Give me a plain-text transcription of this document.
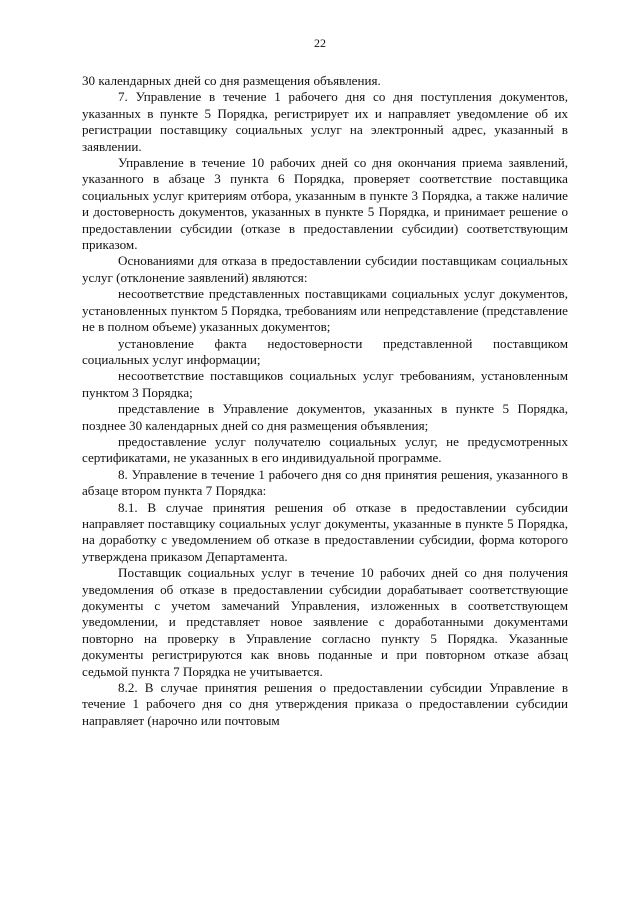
22

30 календарных дней со дня размещения объявления.

7. Управление в течение 1 рабочего дня со дня поступления документов, указанных в пункте 5 Порядка, регистрирует их и направляет уведомление об их регистрации поставщику социальных услуг на электронный адрес, указанный в заявлении.

Управление в течение 10 рабочих дней со дня окончания приема заявлений, указанного в абзаце 3 пункта 6 Порядка, проверяет соответствие поставщика социальных услуг критериям отбора, указанным в пункте 3 Порядка, а также наличие и достоверность документов, указанных в пункте 5 Порядка, и принимает решение о предоставлении субсидии (отказе в предоставлении субсидии) соответствующим приказом.

Основаниями для отказа в предоставлении субсидии поставщикам социальных услуг (отклонение заявлений) являются:

несоответствие представленных поставщиками социальных услуг документов, установленных пунктом 5 Порядка, требованиям или непредставление (представление не в полном объеме) указанных документов;

установление факта недостоверности представленной поставщиком социальных услуг информации;

несоответствие поставщиков социальных услуг требованиям, установленным пунктом 3 Порядка;

представление в Управление документов, указанных в пункте 5 Порядка, позднее 30 календарных дней со дня размещения объявления;

предоставление услуг получателю социальных услуг, не предусмотренных сертификатами, не указанных в его индивидуальной программе.

8. Управление в течение 1 рабочего дня со дня принятия решения, указанного в абзаце втором пункта 7 Порядка:

8.1. В случае принятия решения об отказе в предоставлении субсидии направляет поставщику социальных услуг документы, указанные в пункте 5 Порядка, на доработку с уведомлением об отказе в предоставлении субсидии, форма которого утверждена приказом Департамента.

Поставщик социальных услуг в течение 10 рабочих дней со дня получения уведомления об отказе в предоставлении субсидии дорабатывает соответствующие документы с учетом замечаний Управления, изложенных в соответствующем уведомлении, и представляет новое заявление с доработанными документами повторно на проверку в Управление согласно пункту 5 Порядка. Указанные документы регистрируются как вновь поданные и при повторном отказе абзац седьмой пункта 7 Порядка не учитывается.

8.2. В случае принятия решения о предоставлении субсидии Управление в течение 1 рабочего дня со дня утверждения приказа о предоставлении субсидии направляет (нарочно или почтовым
